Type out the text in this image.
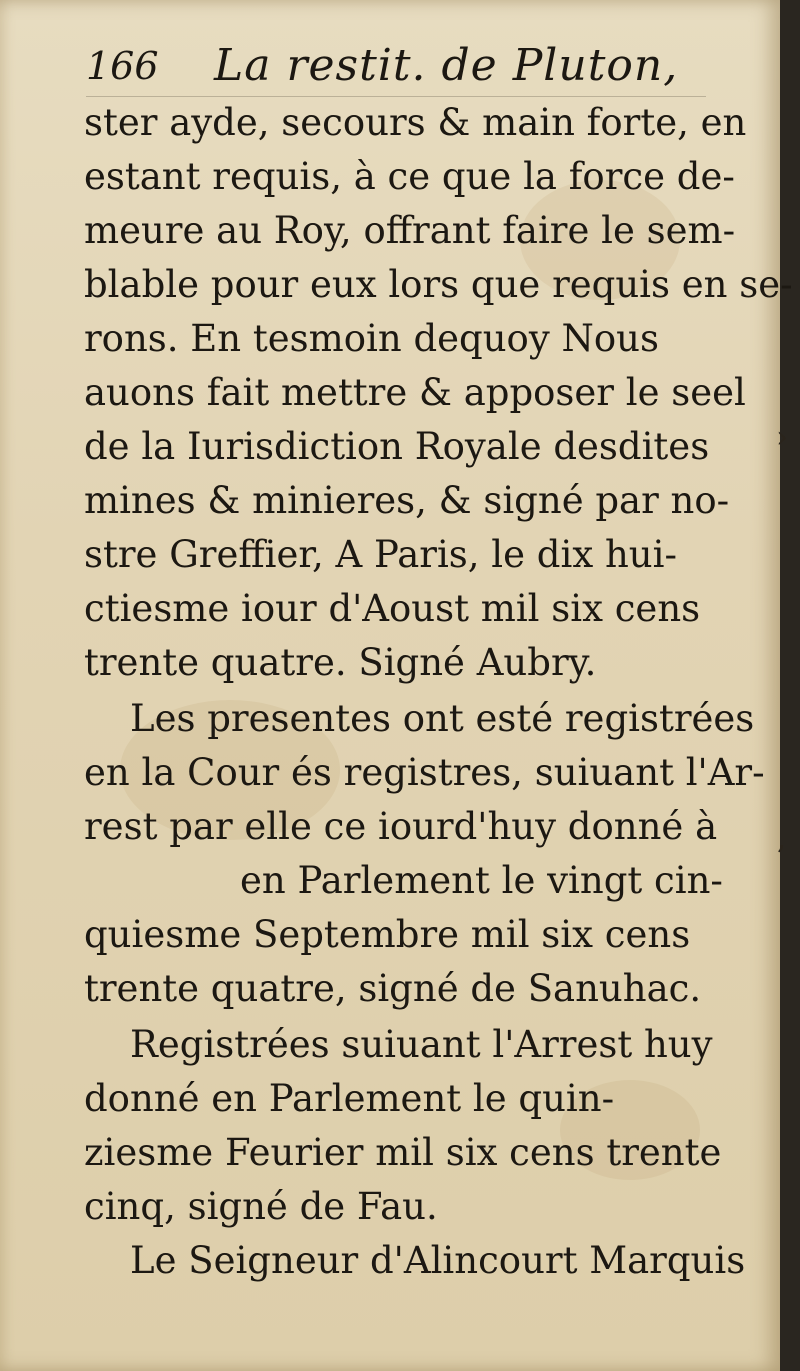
166 La restit. de Pluton,
ster ayde, secours & main forte, en
estant requis, à ce que la force de-
meure au Roy, offrant faire le sem-
blable pour eux lors que requis en se-
rons. En tesmoin dequoy Nous
auons fait mettre & apposer le seel
de la Iurisdiction Royale desdites
mines & minieres, & signé par no-
stre Greffier, A Paris, le dix hui-
ctiesme iour d'Aoust mil six cens
trente quatre. Signé Aubry.
Les presentes ont esté registrées
en la Cour és registres, suiuant l'Ar-
rest par elle ce iourd'huy donné à
en Parlement le vingt cin-
quiesme Septembre mil six cens
trente quatre, signé de Sanuhac.
Registrées suiuant l'Arrest huy
donné en Parlement le quin-
ziesme Feurier mil six cens trente
cinq, signé de Fau.
Le Seigneur d'Alincourt Marquis
›
’
